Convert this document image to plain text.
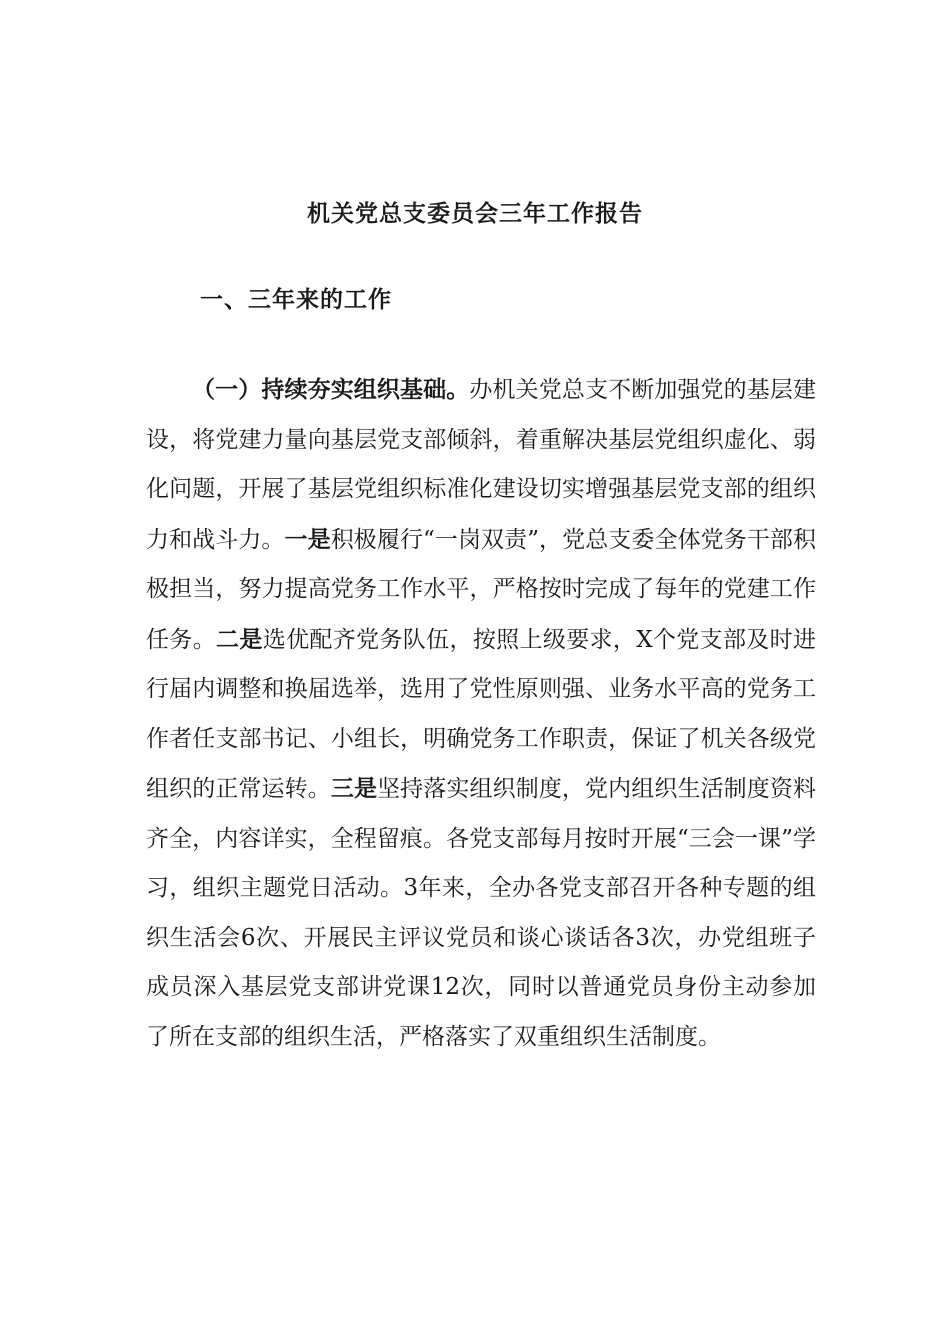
机关党总支委员会三年工作报告
一、三年来的工作
（一）持续夯实组织基础。办机关党总支不断加强党的基层建设，将党建力量向基层党支部倾斜，着重解决基层党组织虚化、弱化问题，开展了基层党组织标准化建设切实增强基层党支部的组织力和战斗力。一是积极履行“一岗双责”，党总支委全体党务干部积极担当，努力提高党务工作水平，严格按时完成了每年的党建工作任务。二是选优配齐党务队伍，按照上级要求，X个党支部及时进行届内调整和换届选举，选用了党性原则强、业务水平高的党务工作者任支部书记、小组长，明确党务工作职责，保证了机关各级党组织的正常运转。三是坚持落实组织制度，党内组织生活制度资料齐全，内容详实，全程留痕。各党支部每月按时开展“三会一课”学习，组织主题党日活动。3年来，全办各党支部召开各种专题的组织生活会6次、开展民主评议党员和谈心谈话各3次，办党组班子成员深入基层党支部讲党课12次，同时以普通党员身份主动参加了所在支部的组织生活，严格落实了双重组织生活制度。
